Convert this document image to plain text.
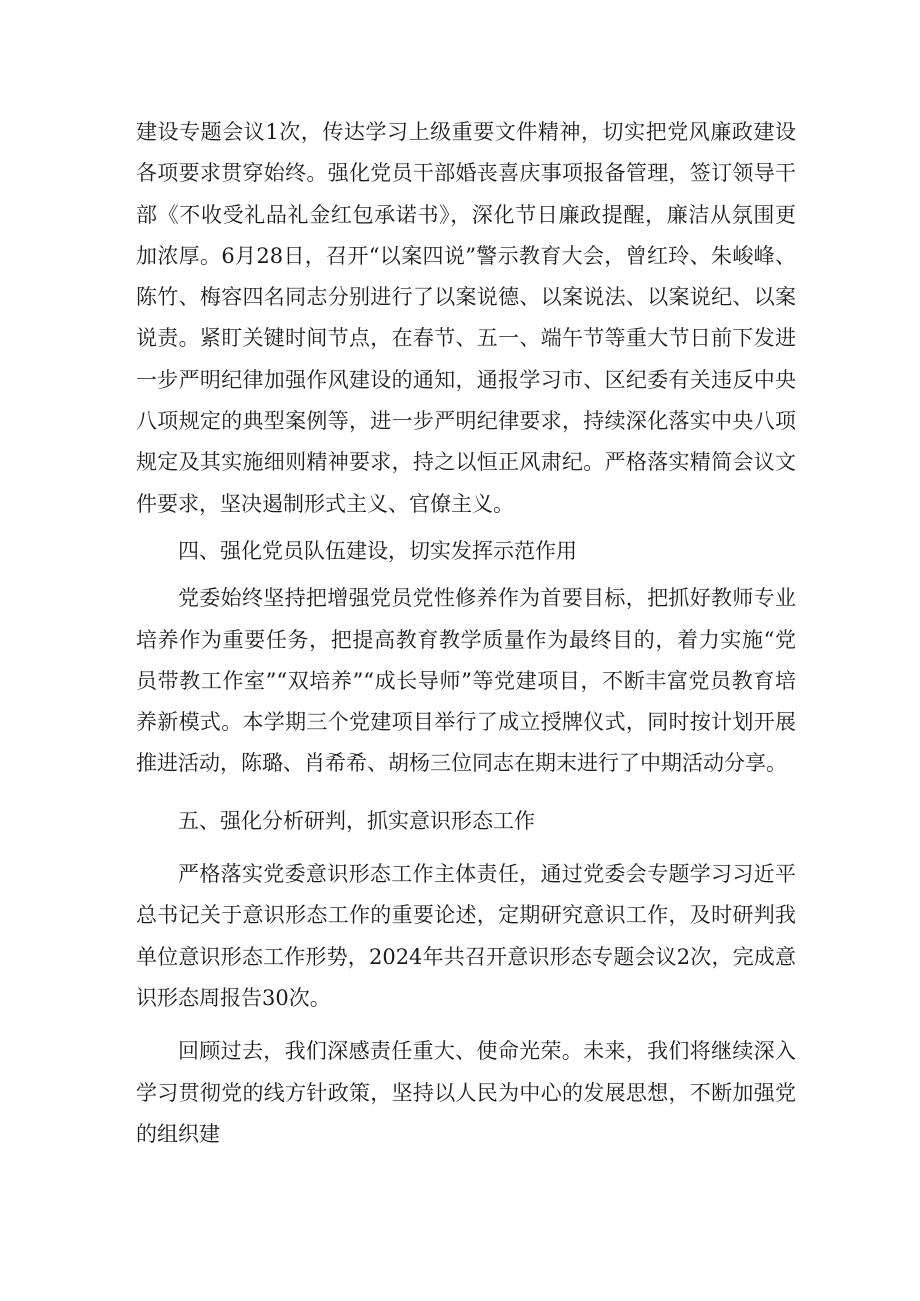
建设专题会议1次，传达学习上级重要文件精神，切实把党风廉政建设各项要求贯穿始终。强化党员干部婚丧喜庆事项报备管理，签订领导干部《不收受礼品礼金红包承诺书》，深化节日廉政提醒，廉洁从氛围更加浓厚。6月28日，召开“以案四说”警示教育大会，曾红玲、朱峻峰、陈竹、梅容四名同志分别进行了以案说德、以案说法、以案说纪、以案说责。紧盯关键时间节点，在春节、五一、端午节等重大节日前下发进一步严明纪律加强作风建设的通知，通报学习市、区纪委有关违反中央八项规定的典型案例等，进一步严明纪律要求，持续深化落实中央八项规定及其实施细则精神要求，持之以恒正风肃纪。严格落实精简会议文件要求，坚决遏制形式主义、官僚主义。

四、强化党员队伍建设，切实发挥示范作用

党委始终坚持把增强党员党性修养作为首要目标，把抓好教师专业培养作为重要任务，把提高教育教学质量作为最终目的，着力实施“党员带教工作室”“双培养”“成长导师”等党建项目，不断丰富党员教育培养新模式。本学期三个党建项目举行了成立授牌仪式，同时按计划开展推进活动，陈璐、肖希希、胡杨三位同志在期末进行了中期活动分享。

五、强化分析研判，抓实意识形态工作

严格落实党委意识形态工作主体责任，通过党委会专题学习习近平总书记关于意识形态工作的重要论述，定期研究意识工作，及时研判我单位意识形态工作形势，2024年共召开意识形态专题会议2次，完成意识形态周报告30次。

回顾过去，我们深感责任重大、使命光荣。未来，我们将继续深入学习贯彻党的线方针政策，坚持以人民为中心的发展思想，不断加强党的组织建
